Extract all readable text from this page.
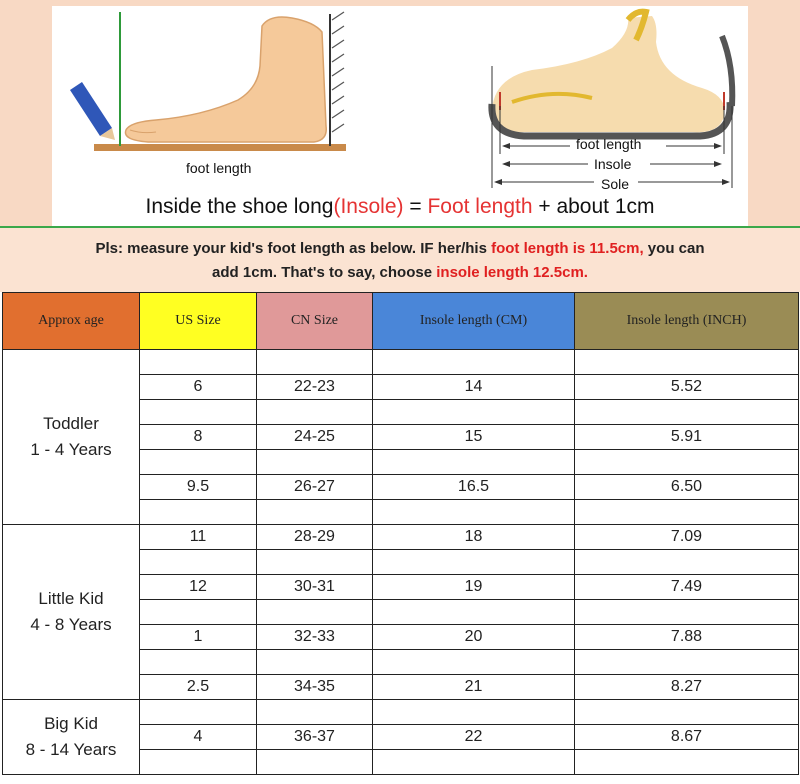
foot length
foot length
Insole
Sole
Inside the shoe long(Insole) = Foot length + about 1cm

Pls: measure your kid's foot length as below. IF her/his foot length is 11.5cm, you can

add 1cm. That's to say, choose insole length 12.5cm.

Approx age	US Size	CN Size	Insole length (CM)	Insole length (INCH)
Toddler
1 - 4 Years				
	6	22-23	14	5.52

	8	24-25	15	5.91

	9.5	26-27	16.5	6.50

Little Kid
4 - 8 Years	11	28-29	18	7.09

	12	30-31	19	7.49

	1	32-33	20	7.88

	2.5	34-35	21	8.27
Big Kid
8 - 14 Years				
	4	36-37	22	8.67
